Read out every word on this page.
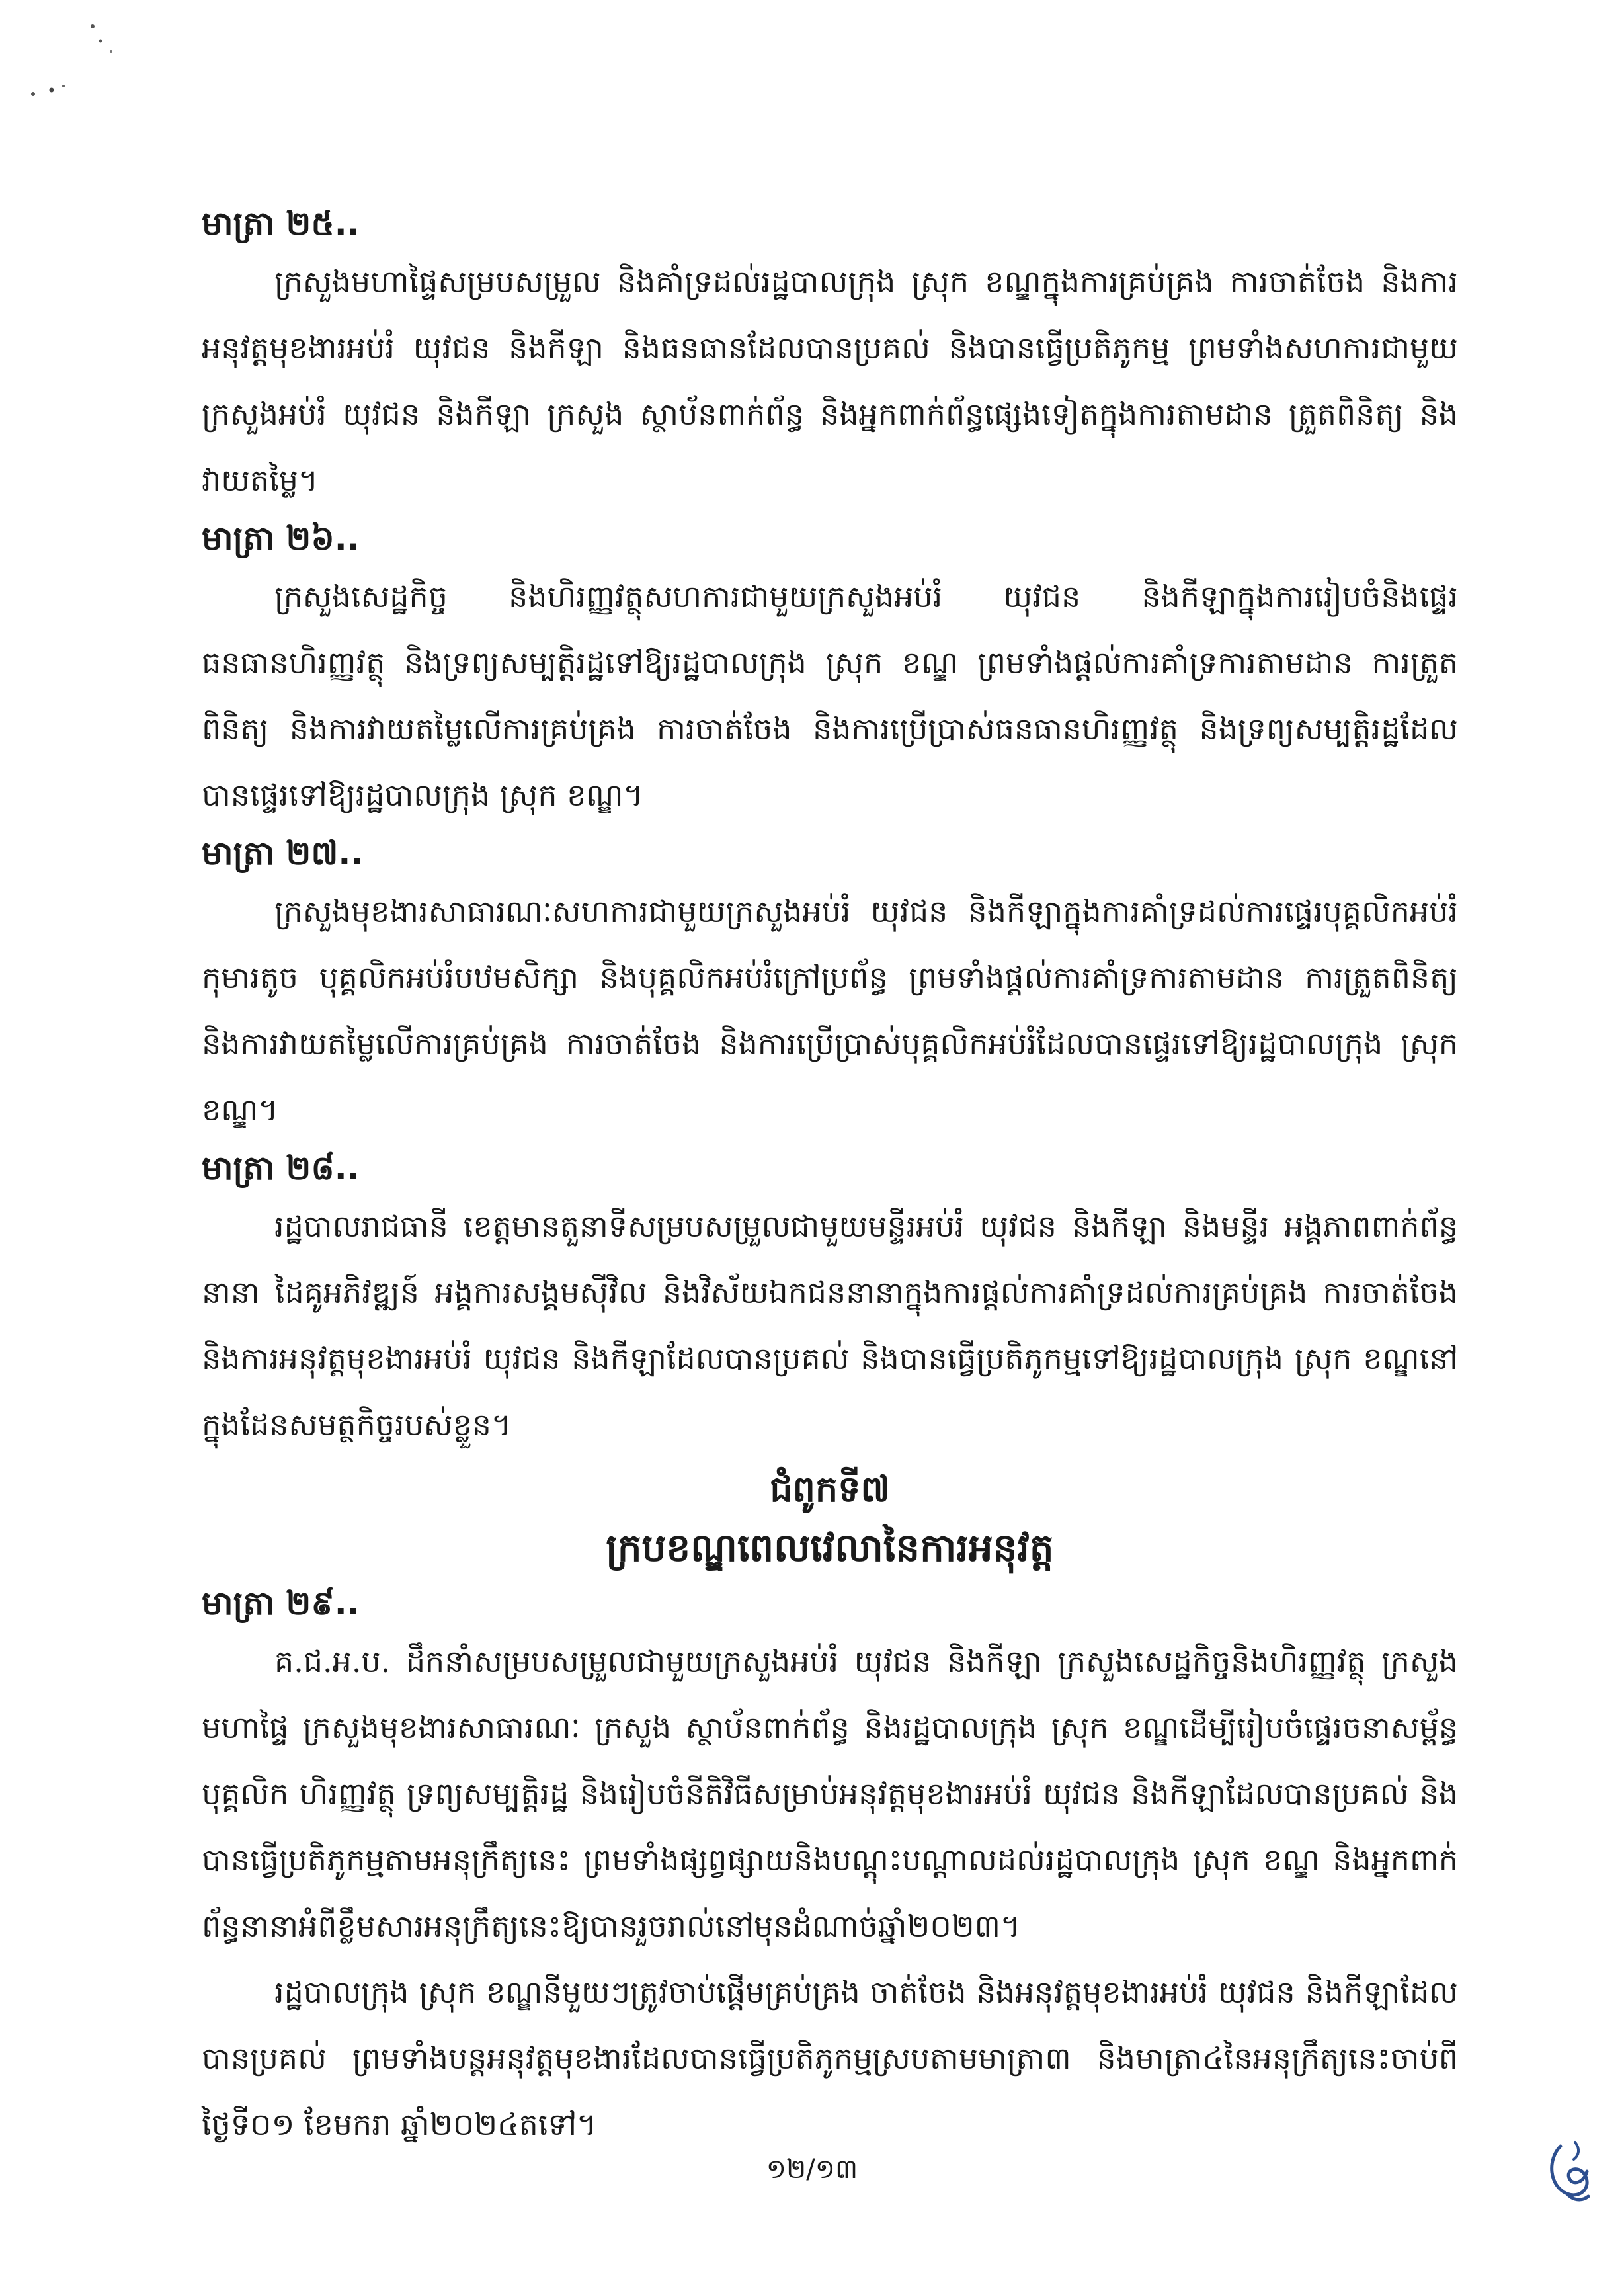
មាត្រា ២៥..

ក្រសួងមហាផ្ទៃសម្របសម្រួល និងគាំទ្រដល់រដ្ឋបាលក្រុង ស្រុក ខណ្ឌក្នុងការគ្រប់គ្រង ការចាត់ចែង និងការអនុវត្តមុខងារអប់រំ យុវជន និងកីឡា និងធនធានដែលបានប្រគល់ និងបានធ្វើប្រតិភូកម្ម ព្រមទាំងសហការជាមួយក្រសួងអប់រំ យុវជន និងកីឡា ក្រសួង ស្ថាប័នពាក់ព័ន្ធ និងអ្នកពាក់ព័ន្ធផ្សេងទៀតក្នុងការតាមដាន ត្រួតពិនិត្យ និងវាយតម្លៃ។

មាត្រា ២៦..

ក្រសួងសេដ្ឋកិច្ច និងហិរញ្ញវត្ថុសហការជាមួយក្រសួងអប់រំ យុវជន និងកីឡាក្នុងការរៀបចំនិងផ្ទេរធនធានហិរញ្ញវត្ថុ និងទ្រព្យសម្បត្តិរដ្ឋទៅឱ្យរដ្ឋបាលក្រុង ស្រុក ខណ្ឌ ព្រមទាំងផ្តល់ការគាំទ្រការតាមដាន ការត្រួតពិនិត្យ និងការវាយតម្លៃលើការគ្រប់គ្រង ការចាត់ចែង និងការប្រើប្រាស់ធនធានហិរញ្ញវត្ថុ និងទ្រព្យសម្បត្តិរដ្ឋដែលបានផ្ទេរទៅឱ្យរដ្ឋបាលក្រុង ស្រុក ខណ្ឌ។

មាត្រា ២៧..

ក្រសួងមុខងារសាធារណៈសហការជាមួយក្រសួងអប់រំ យុវជន និងកីឡាក្នុងការគាំទ្រដល់ការផ្ទេរបុគ្គលិកអប់រំកុមារតូច បុគ្គលិកអប់រំបឋមសិក្សា និងបុគ្គលិកអប់រំក្រៅប្រព័ន្ធ ព្រមទាំងផ្តល់ការគាំទ្រការតាមដាន ការត្រួតពិនិត្យ និងការវាយតម្លៃលើការគ្រប់គ្រង ការចាត់ចែង និងការប្រើប្រាស់បុគ្គលិកអប់រំដែលបានផ្ទេរទៅឱ្យរដ្ឋបាលក្រុង ស្រុក ខណ្ឌ។

មាត្រា ២៨..

រដ្ឋបាលរាជធានី ខេត្តមានតួនាទីសម្របសម្រួលជាមួយមន្ទីរអប់រំ យុវជន និងកីឡា និងមន្ទីរ អង្គភាពពាក់ព័ន្ធនានា ដៃគូអភិវឌ្ឍន៍ អង្គការសង្គមស៊ីវិល និងវិស័យឯកជននានាក្នុងការផ្តល់ការគាំទ្រដល់ការគ្រប់គ្រង ការចាត់ចែង និងការអនុវត្តមុខងារអប់រំ យុវជន និងកីឡាដែលបានប្រគល់ និងបានធ្វើប្រតិភូកម្មទៅឱ្យរដ្ឋបាលក្រុង ស្រុក ខណ្ឌនៅក្នុងដែនសមត្ថកិច្ចរបស់ខ្លួន។

ជំពូកទី៧
ក្របខណ្ឌពេលវេលានៃការអនុវត្ត
មាត្រា ២៩..

គ.ជ.អ.ប. ដឹកនាំសម្របសម្រួលជាមួយក្រសួងអប់រំ យុវជន និងកីឡា ក្រសួងសេដ្ឋកិច្ចនិងហិរញ្ញវត្ថុ ក្រសួងមហាផ្ទៃ ក្រសួងមុខងារសាធារណៈ ក្រសួង ស្ថាប័នពាក់ព័ន្ធ និងរដ្ឋបាលក្រុង ស្រុក ខណ្ឌដើម្បីរៀបចំផ្ទេរចនាសម្ព័ន្ធ បុគ្គលិក ហិរញ្ញវត្ថុ ទ្រព្យសម្បត្តិរដ្ឋ និងរៀបចំនីតិវិធីសម្រាប់អនុវត្តមុខងារអប់រំ យុវជន និងកីឡាដែលបានប្រគល់ និងបានធ្វើប្រតិភូកម្មតាមអនុក្រឹត្យនេះ ព្រមទាំងផ្សព្វផ្សាយនិងបណ្តុះបណ្តាលដល់រដ្ឋបាលក្រុង ស្រុក ខណ្ឌ និងអ្នកពាក់ព័ន្ធនានាអំពីខ្លឹមសារអនុក្រឹត្យនេះឱ្យបានរួចរាល់នៅមុនដំណាច់ឆ្នាំ២០២៣។

រដ្ឋបាលក្រុង ស្រុក ខណ្ឌនីមួយៗត្រូវចាប់ផ្តើមគ្រប់គ្រង ចាត់ចែង និងអនុវត្តមុខងារអប់រំ យុវជន និងកីឡាដែលបានប្រគល់ ព្រមទាំងបន្តអនុវត្តមុខងារដែលបានធ្វើប្រតិភូកម្មស្របតាមមាត្រា៣ និងមាត្រា៤នៃអនុក្រឹត្យនេះចាប់ពីថ្ងៃទី០១ ខែមករា ឆ្នាំ២០២៤តទៅ។

១២/១៣
